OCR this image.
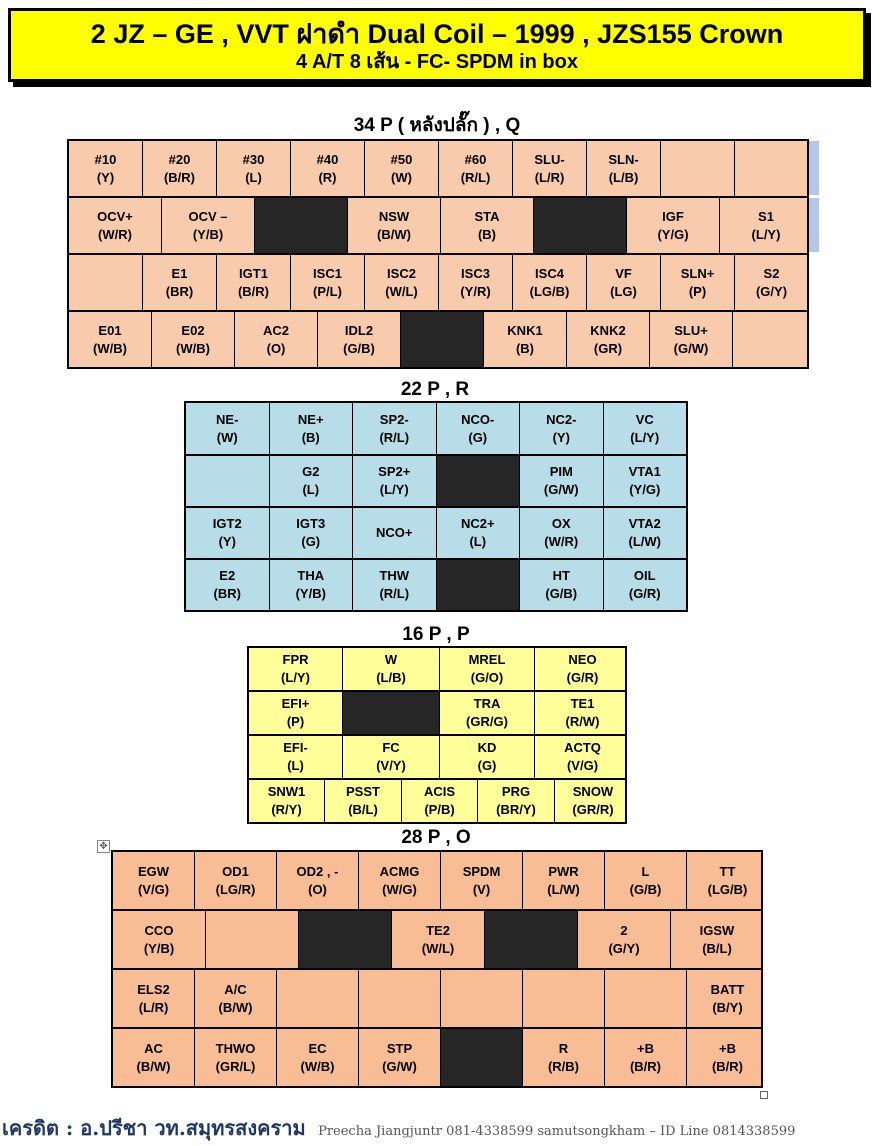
2 JZ – GE , VVT ฝาดำ Dual Coil – 1999 , JZS155 Crown
4 A/T 8 เส้น - FC- SPDM in box
34 P ( หลังปลั๊ก ) , Q
#10
(Y)	#20
(B/R)	#30
(L)	#40
(R)	#50
(W)	#60
(R/L)	SLU-
(L/R)	SLN-
(L/B)		

OCV+
(W/R)	OCV –
(Y/B)		NSW
(B/W)	STA
(B)		IGF
(Y/G)	S1
(L/Y)

	E1
(BR)	IGT1
(B/R)	ISC1
(P/L)	ISC2
(W/L)	ISC3
(Y/R)	ISC4
(LG/B)	VF
(LG)	SLN+
(P)	S2
(G/Y)

E01
(W/B)	E02
(W/B)	AC2
(O)	IDL2
(G/B)		KNK1
(B)	KNK2
(GR)	SLU+
(G/W)	
22 P , R
NE-
(W)	NE+
(B)	SP2-
(R/L)	NCO-
(G)	NC2-
(Y)	VC
(L/Y)

	G2
(L)	SP2+
(L/Y)		PIM
(G/W)	VTA1
(Y/G)

IGT2
(Y)	IGT3
(G)	NCO+	NC2+
(L)	OX
(W/R)	VTA2
(L/W)

E2
(BR)	THA
(Y/B)	THW
(R/L)		HT
(G/B)	OIL
(G/R)
16 P , P
FPR
(L/Y)	W
(L/B)	MREL
(G/O)	NEO
(G/R)

EFI+
(P)		TRA
(GR/G)	TE1
(R/W)

EFI-
(L)	FC
(V/Y)	KD
(G)	ACTQ
(V/G)

SNW1
(R/Y)	PSST
(B/L)	ACIS
(P/B)	PRG
(BR/Y)	SNOW
(GR/R)
28 P , O
✥
EGW
(V/G)	OD1
(LG/R)	OD2 , -
(O)	ACMG
(W/G)	SPDM
(V)	PWR
(L/W)	L
(G/B)	TT
(LG/B)

CCO
(Y/B)			TE2
(W/L)		2
(G/Y)	IGSW
(B/L)

ELS2
(L/R)	A/C
(B/W)						BATT
(B/Y)

AC
(B/W)	THWO
(GR/L)	EC
(W/B)	STP
(G/W)		R
(R/B)	+B
(B/R)	+B
(B/R)
เครดิต : อ.ปรีชา วท.สมุทรสงคราม Preecha Jiangjuntr 081-4338599 samutsongkham – ID Line 0814338599
